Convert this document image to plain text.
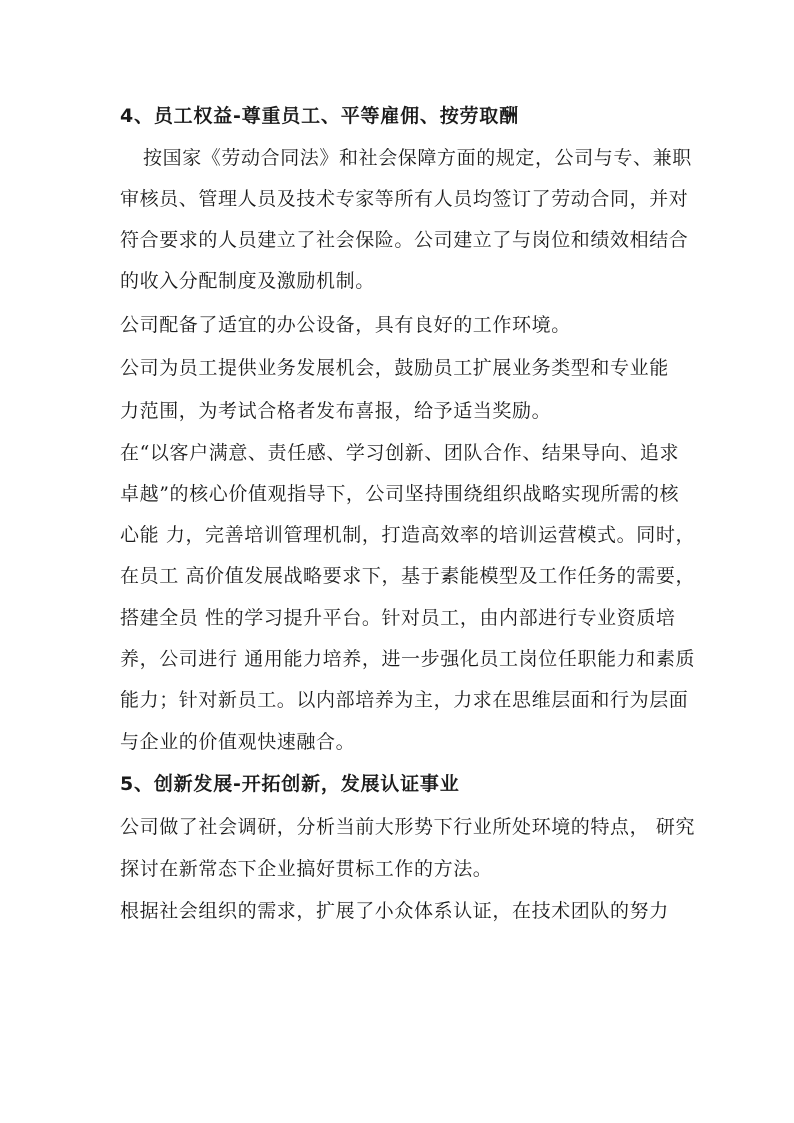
4、员工权益-尊重员工、平等雇佣、按劳取酬
按国家《劳动合同法》和社会保障方面的规定，公司与专、兼职
审核员、管理人员及技术专家等所有人员均签订了劳动合同，并对
符合要求的人员建立了社会保险。公司建立了与岗位和绩效相结合
的收入分配制度及激励机制。
公司配备了适宜的办公设备，具有良好的工作环境。
公司为员工提供业务发展机会，鼓励员工扩展业务类型和专业能
力范围，为考试合格者发布喜报，给予适当奖励。
在“以客户满意、责任感、学习创新、团队合作、结果导向、追求
卓越”的核心价值观指导下，公司坚持围绕组织战略实现所需的核
心能 力，完善培训管理机制，打造高效率的培训运营模式。同时，
在员工 高价值发展战略要求下，基于素能模型及工作任务的需要，
搭建全员 性的学习提升平台。针对员工，由内部进行专业资质培
养，公司进行 通用能力培养，进一步强化员工岗位任职能力和素质
能力；针对新员工。以内部培养为主，力求在思维层面和行为层面
与企业的价值观快速融合。
5、创新发展-开拓创新，发展认证事业
公司做了社会调研，分析当前大形势下行业所处环境的特点， 研究
探讨在新常态下企业搞好贯标工作的方法。
根据社会组织的需求，扩展了小众体系认证，在技术团队的努力
